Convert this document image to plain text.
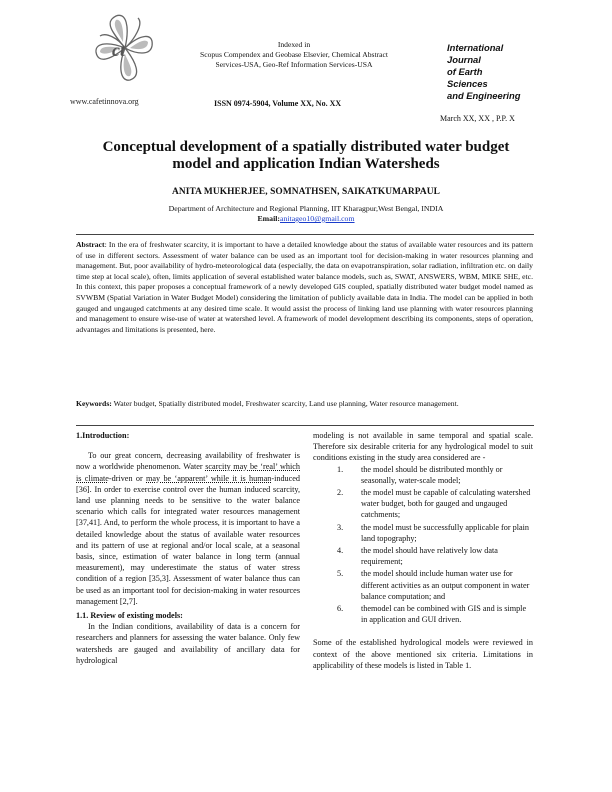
ct
www.cafetinnova.org
Indexed in
Scopus Compendex and Geobase Elsevier, Chemical Abstract
Services-USA, Geo-Ref Information Services-USA
ISSN 0974-5904, Volume XX, No. XX
International
Journal
of Earth
Sciences
and Engineering
March XX, XX , P.P. X
Conceptual development of a spatially distributed water budget
model and application Indian Watersheds
ANITA MUKHERJEE, SOMNATHSEN, SAIKATKUMARPAUL
Department of Architecture and Regional Planning, IIT Kharagpur,West Bengal, INDIA
Email:anitageo10@gmail.com
Abstract: In the era of freshwater scarcity, it is important to have a detailed knowledge about the status of available water resources and its pattern of use in different sectors. Assessment of water balance can be used as an important tool for decision-making in water resources planning and management. But, poor availability of hydro-meteorological data (especially, the data on evapotranspiration, solar radiation, infiltration etc. on daily time step at local scale), often, limits application of several established water balance models, such as, SWAT, ANSWERS, WBM, MIKE SHE, etc. In this context, this paper proposes a conceptual framework of a newly developed GIS coupled, spatially distributed water budget model named as SVWBM (Spatial Variation in Water Budget Model) considering the limitation of publicly available data in India. The model can be applied in both gauged and ungauged catchments at any desired time scale. It would assist the process of linking land use planning with water resources planning and management to ensure wise-use of water at watershed level. A framework of model development describing its components, steps of operation, advantages and limitations is presented, here.
Keywords: Water budget, Spatially distributed model, Freshwater scarcity, Land use planning, Water resource management.
1.Introduction:

To our great concern, decreasing availability of freshwater is now a worldwide phenomenon. Water scarcity may be ‘real’ which is climate-driven or may be ‘apparent’ while it is human-induced [36]. In order to exercise control over the human induced scarcity, land use planning needs to be sensitive to the water balance scenario which calls for integrated water resources management [37,41]. And, to perform the whole process, it is important to have a detailed knowledge about the status of available water resources and its pattern of use at regional and/or local scale, at a seasonal basis, since, estimation of water balance in long term (annual measurement), may underestimate the status of water stress condition of a region [35,3]. Assessment of water balance thus can be used as an important tool for decision-making in water resources management [2,7].

1.1. Review of existing models:

In the Indian conditions, availability of data is a concern for researchers and planners for assessing the water balance. Only few watersheds are gauged and availability of ancillary data for hydrological

modeling is not available in same temporal and spatial scale. Therefore six desirable criteria for any hydrological model to suit conditions existing in the study area considered are -

1. the model should be distributed monthly or seasonally, water-scale model;
2. the model must be capable of calculating watershed water budget, both for gauged and ungauged catchments;
3. the model must be successfully applicable for plain land topography;
4. the model should have relatively low data requirement;
5. the model should include human water use for different activities as an output component in water balance computation; and
6. themodel can be combined with GIS and is simple in application and GUI driven.

Some of the established hydrological models were reviewed in context of the above mentioned six criteria. Limitations in applicability of these models is listed in Table 1.
